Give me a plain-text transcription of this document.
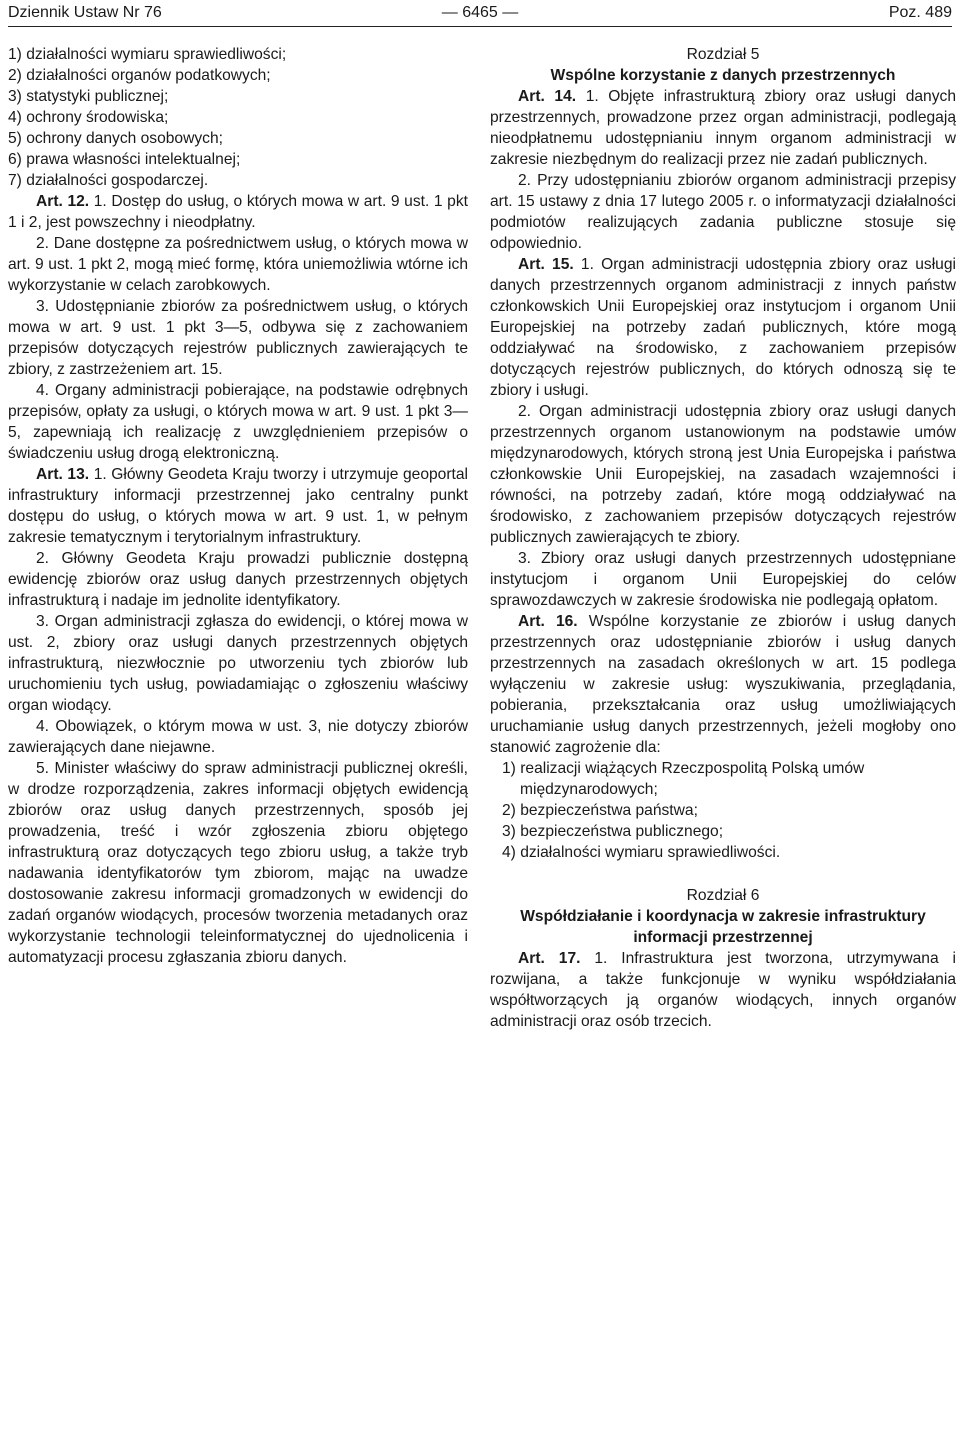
Dziennik Ustaw Nr 76	— 6465 —	Poz. 489

1) działalności wymiaru sprawiedliwości;

2) działalności organów podatkowych;

3) statystyki publicznej;

4) ochrony środowiska;

5) ochrony danych osobowych;

6) prawa własności intelektualnej;

7) działalności gospodarczej.

Art. 12. 1. Dostęp do usług, o których mowa w art. 9 ust. 1 pkt 1 i 2, jest powszechny i nieodpłatny.

2. Dane dostępne za pośrednictwem usług, o których mowa w art. 9 ust. 1 pkt 2, mogą mieć formę, która uniemożliwia wtórne ich wykorzystanie w celach zarobkowych.

3. Udostępnianie zbiorów za pośrednictwem usług, o których mowa w art. 9 ust. 1 pkt 3—5, odbywa się z zachowaniem przepisów dotyczących rejestrów publicznych zawierających te zbiory, z zastrzeżeniem art. 15.

4. Organy administracji pobierające, na podstawie odrębnych przepisów, opłaty za usługi, o których mowa w art. 9 ust. 1 pkt 3—5, zapewniają ich realizację z uwzględnieniem przepisów o świadczeniu usług drogą elektroniczną.

Art. 13. 1. Główny Geodeta Kraju tworzy i utrzymuje geoportal infrastruktury informacji przestrzennej jako centralny punkt dostępu do usług, o których mowa w art. 9 ust. 1, w pełnym zakresie tematycznym i terytorialnym infrastruktury.

2. Główny Geodeta Kraju prowadzi publicznie dostępną ewidencję zbiorów oraz usług danych przestrzennych objętych infrastrukturą i nadaje im jednolite identyfikatory.

3. Organ administracji zgłasza do ewidencji, o której mowa w ust. 2, zbiory oraz usługi danych przestrzennych objętych infrastrukturą, niezwłocznie po utworzeniu tych zbiorów lub uruchomieniu tych usług, powiadamiając o zgłoszeniu właściwy organ wiodący.

4. Obowiązek, o którym mowa w ust. 3, nie dotyczy zbiorów zawierających dane niejawne.

5. Minister właściwy do spraw administracji publicznej określi, w drodze rozporządzenia, zakres informacji objętych ewidencją zbiorów oraz usług danych przestrzennych, sposób jej prowadzenia, treść i wzór zgłoszenia zbioru objętego infrastrukturą oraz dotyczących tego zbioru usług, a także tryb nadawania identyfikatorów tym zbiorom, mając na uwadze dostosowanie zakresu informacji gromadzonych w ewidencji do zadań organów wiodących, procesów tworzenia metadanych oraz wykorzystanie technologii teleinformatycznej do ujednolicenia i automatyzacji procesu zgłaszania zbioru danych.

Rozdział 5

Wspólne korzystanie z danych przestrzennych

Art. 14. 1. Objęte infrastrukturą zbiory oraz usługi danych przestrzennych, prowadzone przez organ administracji, podlegają nieodpłatnemu udostępnianiu innym organom administracji w zakresie niezbędnym do realizacji przez nie zadań publicznych.

2. Przy udostępnianiu zbiorów organom administracji przepisy art. 15 ustawy z dnia 17 lutego 2005 r. o informatyzacji działalności podmiotów realizujących zadania publiczne stosuje się odpowiednio.

Art. 15. 1. Organ administracji udostępnia zbiory oraz usługi danych przestrzennych organom administracji z innych państw członkowskich Unii Europejskiej oraz instytucjom i organom Unii Europejskiej na potrzeby zadań publicznych, które mogą oddziaływać na środowisko, z zachowaniem przepisów dotyczących rejestrów publicznych, do których odnoszą się te zbiory i usługi.

2. Organ administracji udostępnia zbiory oraz usługi danych przestrzennych organom ustanowionym na podstawie umów międzynarodowych, których stroną jest Unia Europejska i państwa członkowskie Unii Europejskiej, na zasadach wzajemności i równości, na potrzeby zadań, które mogą oddziaływać na środowisko, z zachowaniem przepisów dotyczących rejestrów publicznych zawierających te zbiory.

3. Zbiory oraz usługi danych przestrzennych udostępniane instytucjom i organom Unii Europejskiej do celów sprawozdawczych w zakresie środowiska nie podlegają opłatom.

Art. 16. Wspólne korzystanie ze zbiorów i usług danych przestrzennych oraz udostępnianie zbiorów i usług danych przestrzennych na zasadach określonych w art. 15 podlega wyłączeniu w zakresie usług: wyszukiwania, przeglądania, pobierania, przekształcania oraz usług umożliwiających uruchamianie usług danych przestrzennych, jeżeli mogłoby ono stanowić zagrożenie dla:

1) realizacji wiążących Rzeczpospolitą Polską umów międzynarodowych;

2) bezpieczeństwa państwa;

3) bezpieczeństwa publicznego;

4) działalności wymiaru sprawiedliwości.

Rozdział 6

Współdziałanie i koordynacja w zakresie infrastruktury informacji przestrzennej

Art. 17. 1. Infrastruktura jest tworzona, utrzymywana i rozwijana, a także funkcjonuje w wyniku współdziałania współtworzących ją organów wiodących, innych organów administracji oraz osób trzecich.
